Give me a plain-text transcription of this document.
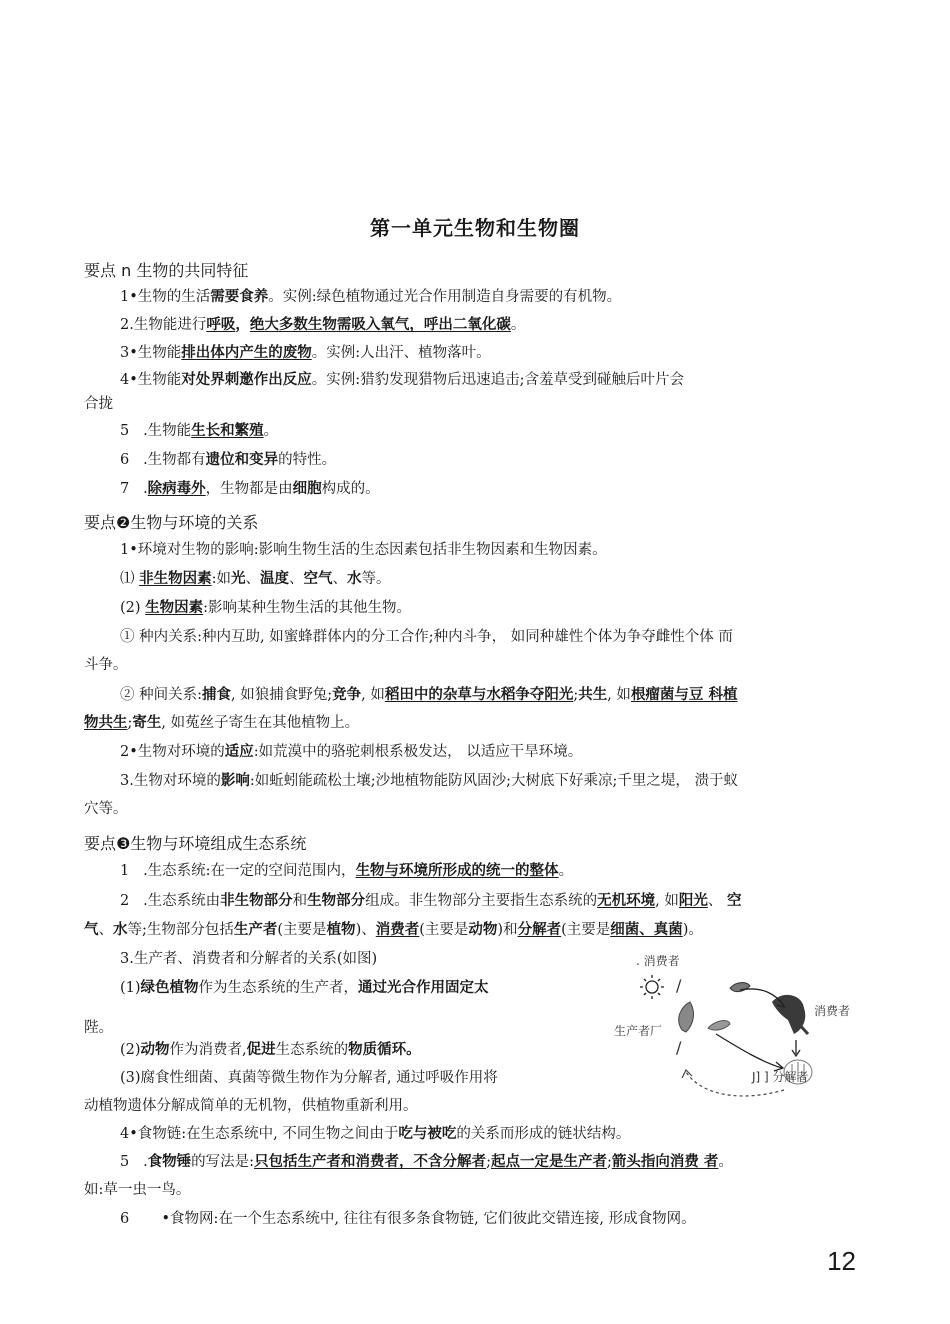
第一单元生物和生物圈
要点 n 生物的共同特征
1•生物的生活需要食养。实例:绿色植物通过光合作用制造自身需要的有机物。
2.生物能进行呼吸，绝大多数生物需吸入氧气，呼出二氧化碳。
3•生物能排出体内产生的废物。实例:人出汗、植物落叶。
4•生物能对处界刺邀作出反应。实例:猎豹发现猎物后迅速追击;含羞草受到碰触后叶片会
合拢
5 .生物能生长和繁殖。
6 .生物都有遗位和变异的特性。
7 .除病毒外，生物都是由细胞构成的。
要点❷生物与环境的关系
1•环境对生物的影响:影响生物生活的生态因素包括非生物因素和生物因素。
⑴ 非生物因素:如光、温度、空气、水等。
(2) 生物因素:影响某种生物生活的其他生物。
① 种内关系:种内互助, 如蜜蜂群体内的分工合作;种内斗争， 如同种雄性个体为争夺雌性个体 而
斗争。
② 种间关系:捕食, 如狼捕食野兔;竞争, 如稻田中的杂草与水稻争夺阳光;共生, 如根瘤菌与豆 科植
物共生;寄生, 如菟丝子寄生在其他植物上。
2•生物对环境的适应:如荒漠中的骆驼刺根系极发达， 以适应干旱环境。
3.生物对环境的影响:如蚯蚓能疏松土壤;沙地植物能防风固沙;大树底下好乘凉;千里之堤， 溃于蚁
穴等。
要点❸生物与环境组成生态系统
1 .生态系统:在一定的空间范围内，生物与环境所形成的统一的整体。
2 .生态系统由非生物部分和生物部分组成。非生物部分主要指生态系统的无机环境, 如阳光、 空
气、水等;生物部分包括生产者(主要是植物)、消费者(主要是动物)和分解者(主要是细菌、真菌)。
3.生产者、消费者和分解者的关系(如图)
(1)绿色植物作为生态系统的生产者，通过光合作用固定太
陛。
(2)动物作为消费者,促进生态系统的物质循环。
(3)腐食性细菌、真菌等微生物作为分解者, 通过呼吸作用将
动植物遗体分解成简单的无机物，供植物重新利用。
4•食物链:在生态系统中, 不同生物之间由于吃与被吃的关系而形成的链状结构。
5 .食物锤的写法是:只包括生产者和消费者，不含分解者;起点一定是生产者;箭头指向消费 者。
如:草一虫一鸟。
6 •食物网:在一个生态系统中, 往往有很多条食物链, 它们彼此交错连接, 形成食物网。
. 消费者
消费者
生产者厂
J] ] 分解者
/
/
12
